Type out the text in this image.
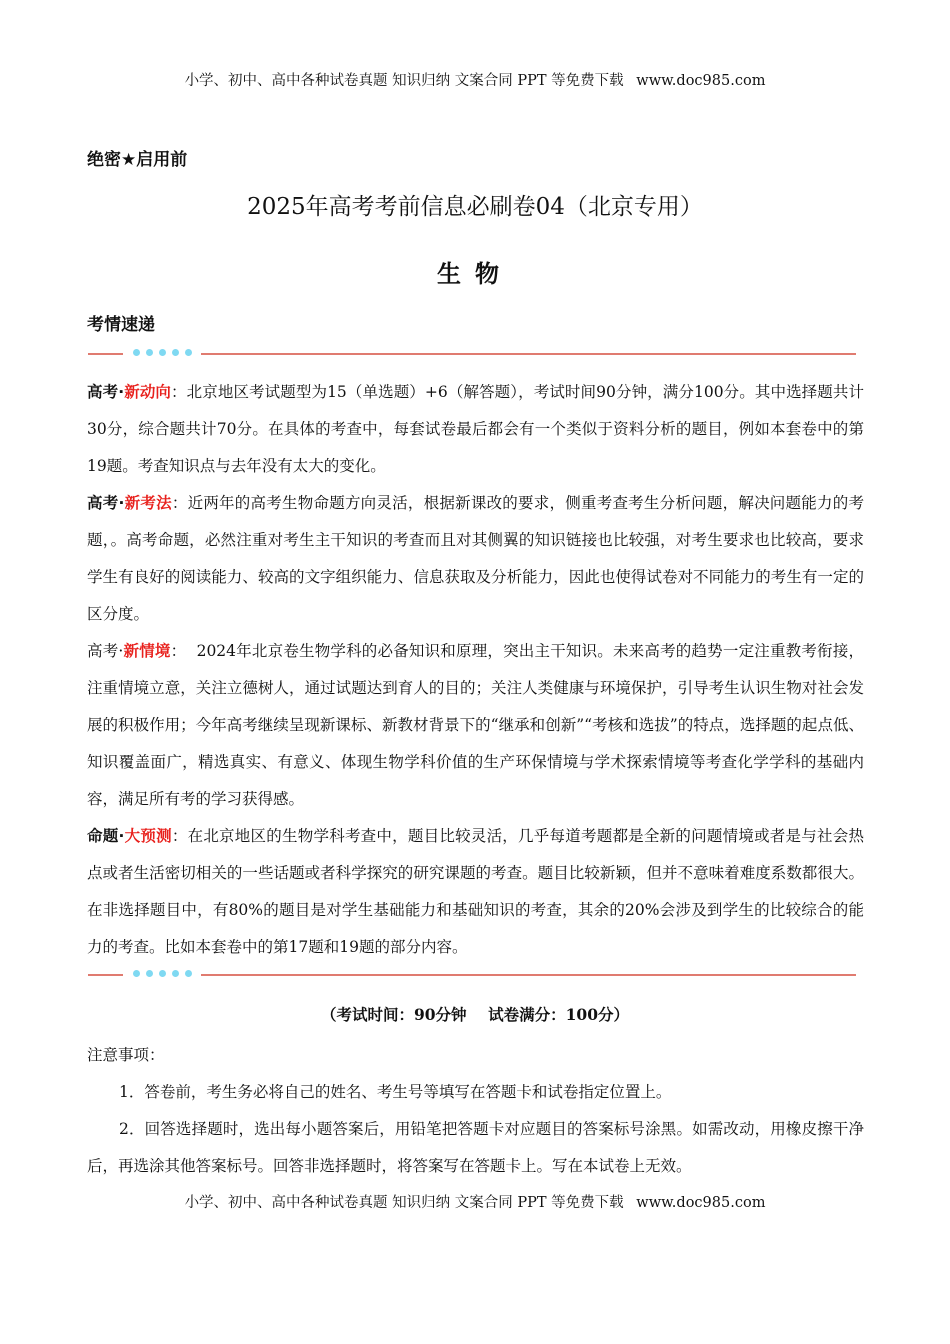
小学、初中、高中各种试卷真题 知识归纳 文案合同 PPT 等免费下载 www.doc985.com
绝密★启用前
2025年高考考前信息必刷卷04（北京专用）
生物
考情速递

高考·新动向：北京地区考试题型为15（单选题）+6（解答题），考试时间90分钟，满分100分。其中选择题共计30分，综合题共计70分。在具体的考查中，每套试卷最后都会有一个类似于资料分析的题目，例如本套卷中的第19题。考查知识点与去年没有太大的变化。

高考·新考法：近两年的高考生物命题方向灵活，根据新课改的要求，侧重考查考生分析问题，解决问题能力的考题，。高考命题，必然注重对考生主干知识的考查而且对其侧翼的知识链接也比较强，对考生要求也比较高，要求学生有良好的阅读能力、较高的文字组织能力、信息获取及分析能力，因此也使得试卷对不同能力的考生有一定的区分度。

高考·新情境：  2024年北京卷生物学科的必备知识和原理，突出主干知识。未来高考的趋势一定注重教考衔接，注重情境立意，关注立德树人，通过试题达到育人的目的；关注人类健康与环境保护，引导考生认识生物对社会发展的积极作用；今年高考继续呈现新课标、新教材背景下的“继承和创新”“考核和选拔”的特点，选择题的起点低、知识覆盖面广，精选真实、有意义、体现生物学科价值的生产环保情境与学术探索情境等考查化学学科的基础内容，满足所有考的学习获得感。

命题·大预测：在北京地区的生物学科考查中，题目比较灵活，几乎每道考题都是全新的问题情境或者是与社会热点或者生活密切相关的一些话题或者科学探究的研究课题的考查。题目比较新颖，但并不意味着难度系数都很大。在非选择题目中，有80%的题目是对学生基础能力和基础知识的考查，其余的20%会涉及到学生的比较综合的能力的考查。比如本套卷中的第17题和19题的部分内容。

（考试时间：90分钟    试卷满分：100分）

注意事项：

1．答卷前，考生务必将自己的姓名、考生号等填写在答题卡和试卷指定位置上。

2．回答选择题时，选出每小题答案后，用铅笔把答题卡对应题目的答案标号涂黑。如需改动，用橡皮擦干净后，再选涂其他答案标号。回答非选择题时，将答案写在答题卡上。写在本试卷上无效。

小学、初中、高中各种试卷真题 知识归纳 文案合同 PPT 等免费下载 www.doc985.com
